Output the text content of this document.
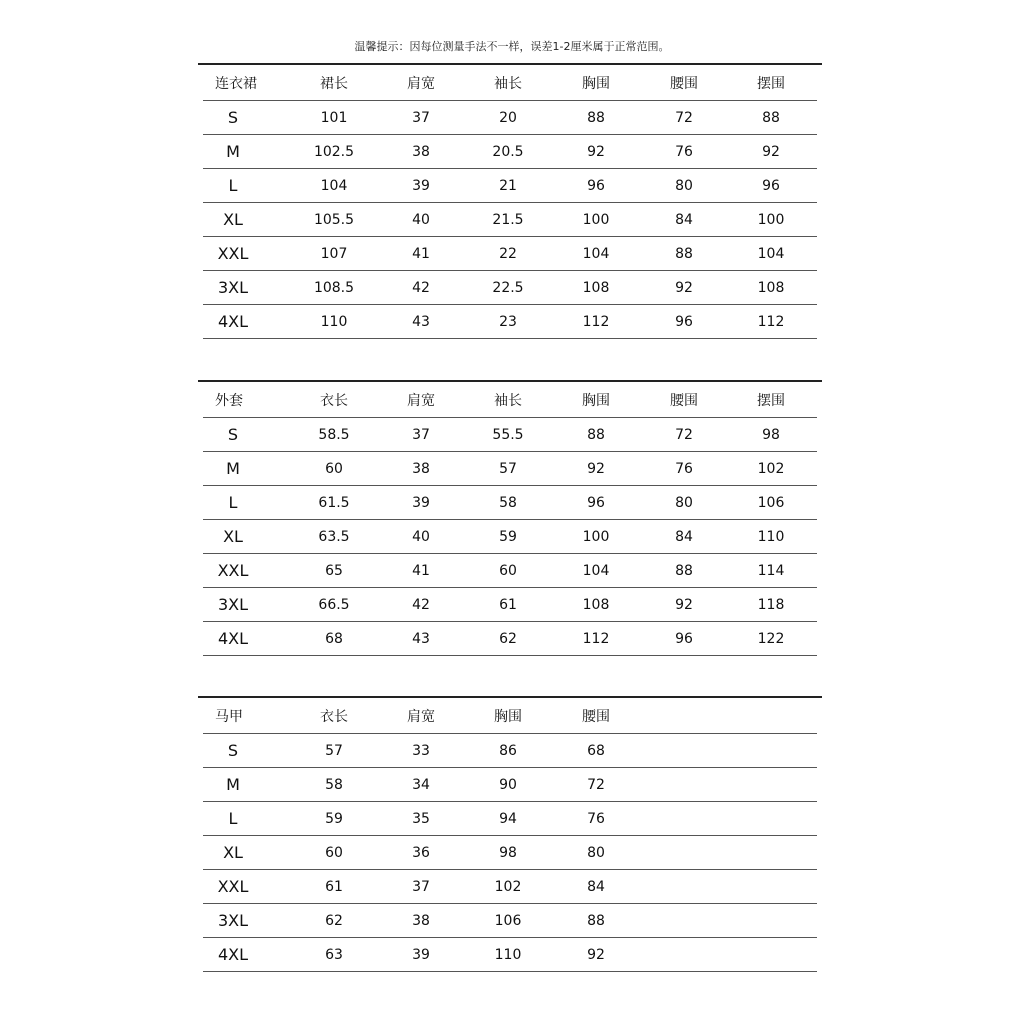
温馨提示：因每位测量手法不一样，误差1-2厘米属于正常范围。
连衣裙	裙长	肩宽	袖长	胸围	腰围	摆围
S	101	37	20	88	72	88
M	102.5	38	20.5	92	76	92
L	104	39	21	96	80	96
XL	105.5	40	21.5	100	84	100
XXL	107	41	22	104	88	104
3XL	108.5	42	22.5	108	92	108
4XL	110	43	23	112	96	112
外套	衣长	肩宽	袖长	胸围	腰围	摆围
S	58.5	37	55.5	88	72	98
M	60	38	57	92	76	102
L	61.5	39	58	96	80	106
XL	63.5	40	59	100	84	110
XXL	65	41	60	104	88	114
3XL	66.5	42	61	108	92	118
4XL	68	43	62	112	96	122
马甲	衣长	肩宽	胸围	腰围
S	57	33	86	68
M	58	34	90	72
L	59	35	94	76
XL	60	36	98	80
XXL	61	37	102	84
3XL	62	38	106	88
4XL	63	39	110	92
